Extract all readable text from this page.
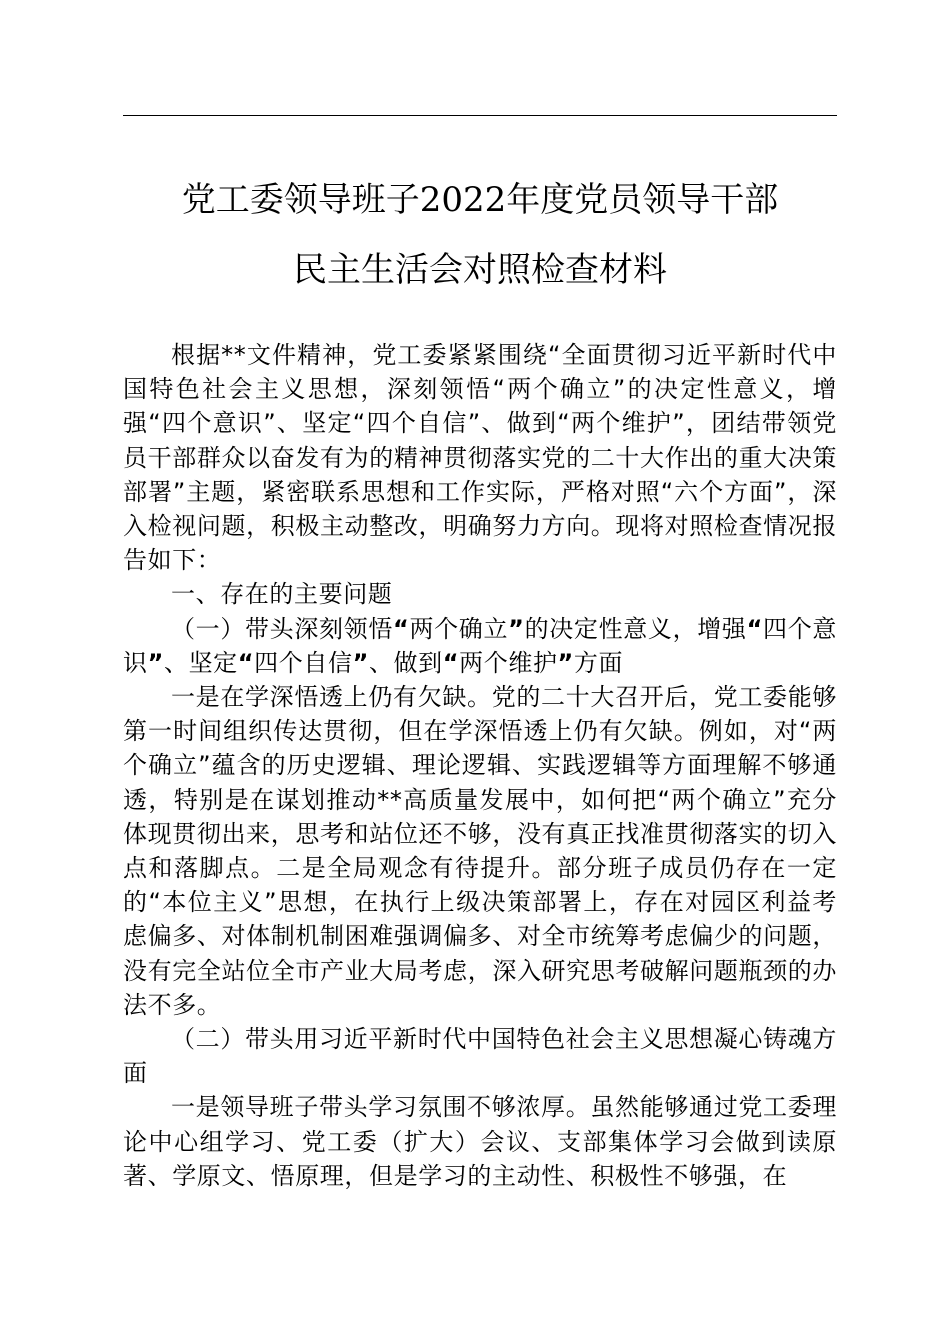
党工委领导班子2022年度党员领导干部
民主生活会对照检查材料

根据**文件精神，党工委紧紧围绕“全面贯彻习近平新时代中国特色社会主义思想，深刻领悟“两个确立”的决定性意义，增强“四个意识”、坚定“四个自信”、做到“两个维护”，团结带领党员干部群众以奋发有为的精神贯彻落实党的二十大作出的重大决策部署”主题，紧密联系思想和工作实际，严格对照“六个方面”，深入检视问题，积极主动整改，明确努力方向。现将对照检查情况报告如下：

一、存在的主要问题

（一）带头深刻领悟“两个确立”的决定性意义，增强“四个意识”、坚定“四个自信”、做到“两个维护”方面

一是在学深悟透上仍有欠缺。党的二十大召开后，党工委能够第一时间组织传达贯彻，但在学深悟透上仍有欠缺。例如，对“两个确立”蕴含的历史逻辑、理论逻辑、实践逻辑等方面理解不够通透，特别是在谋划推动**高质量发展中，如何把“两个确立”充分体现贯彻出来，思考和站位还不够，没有真正找准贯彻落实的切入点和落脚点。二是全局观念有待提升。部分班子成员仍存在一定的“本位主义”思想，在执行上级决策部署上，存在对园区利益考虑偏多、对体制机制困难强调偏多、对全市统筹考虑偏少的问题，没有完全站位全市产业大局考虑，深入研究思考破解问题瓶颈的办法不多。

（二）带头用习近平新时代中国特色社会主义思想凝心铸魂方面

一是领导班子带头学习氛围不够浓厚。虽然能够通过党工委理论中心组学习、党工委（扩大）会议、支部集体学习会做到读原著、学原文、悟原理，但是学习的主动性、积极性不够强，在
